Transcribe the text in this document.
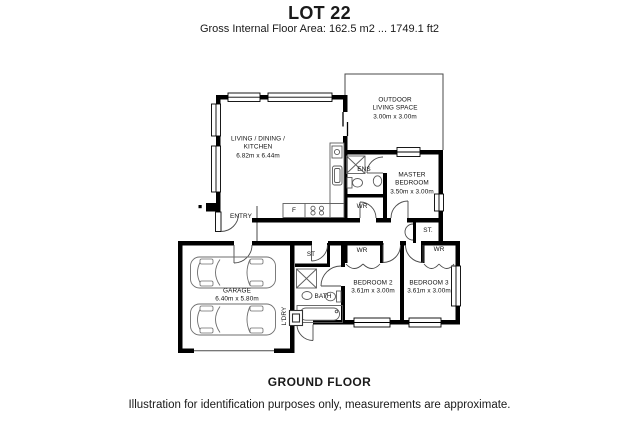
LOT 22
Gross Internal Floor Area: 162.5 m2 ... 1749.1 ft2
LIVING / DINING / KITCHEN
6.82m x 6.44m
OUTDOOR LIVING SPACE
3.00m x 3.00m
MASTER BEDROOM
3.50m x 3.00m
BEDROOM 2
3.61m x 3.00m
BEDROOM 3
3.61m x 3.00m
GARAGE
6.40m x 5.80m
ENS
WR
WR	WR
ST
ST.
BATH
ENTRY
F
L'DRY
GROUND FLOOR
Illustration for identification purposes only, measurements are approximate.
